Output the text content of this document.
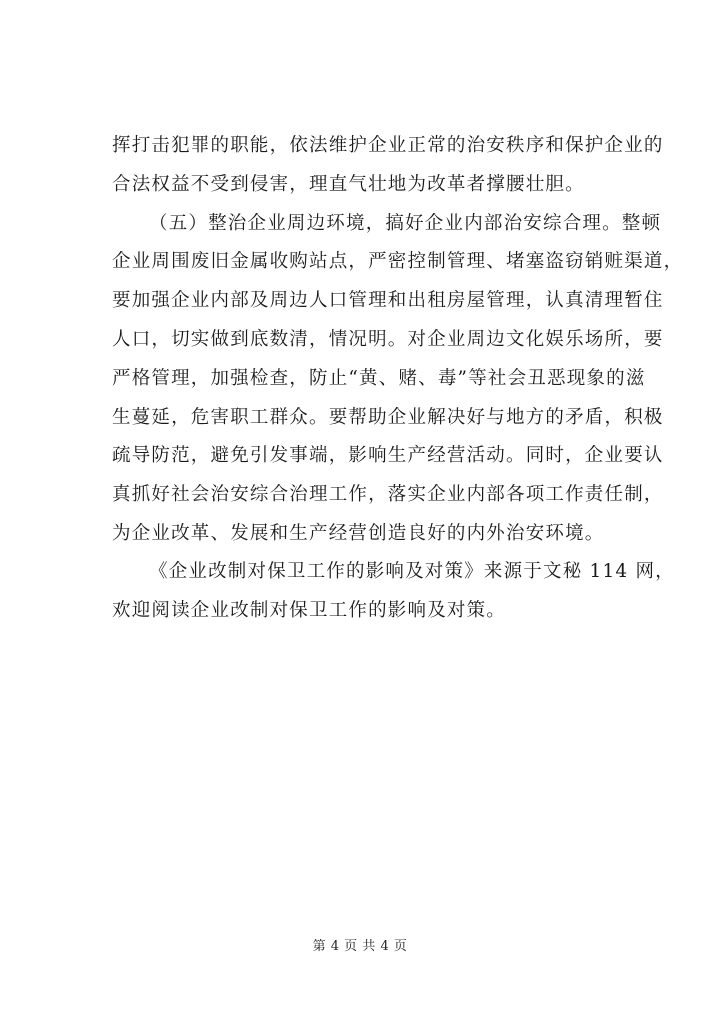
挥打击犯罪的职能，依法维护企业正常的治安秩序和保护企业的
合法权益不受到侵害，理直气壮地为改革者撑腰壮胆。
（五）整治企业周边环境，搞好企业内部治安综合理。整顿
企业周围废旧金属收购站点，严密控制管理、堵塞盗窃销赃渠道，
要加强企业内部及周边人口管理和出租房屋管理，认真清理暂住
人口，切实做到底数清，情况明。对企业周边文化娱乐场所，要
严格管理，加强检查，防止“黄、赌、毒”等社会丑恶现象的滋
生蔓延，危害职工群众。要帮助企业解决好与地方的矛盾，积极
疏导防范，避免引发事端，影响生产经营活动。同时，企业要认
真抓好社会治安综合治理工作，落实企业内部各项工作责任制，
为企业改革、发展和生产经营创造良好的内外治安环境。
《企业改制对保卫工作的影响及对策》来源于文秘 114 网，
欢迎阅读企业改制对保卫工作的影响及对策。
第 4 页 共 4 页
